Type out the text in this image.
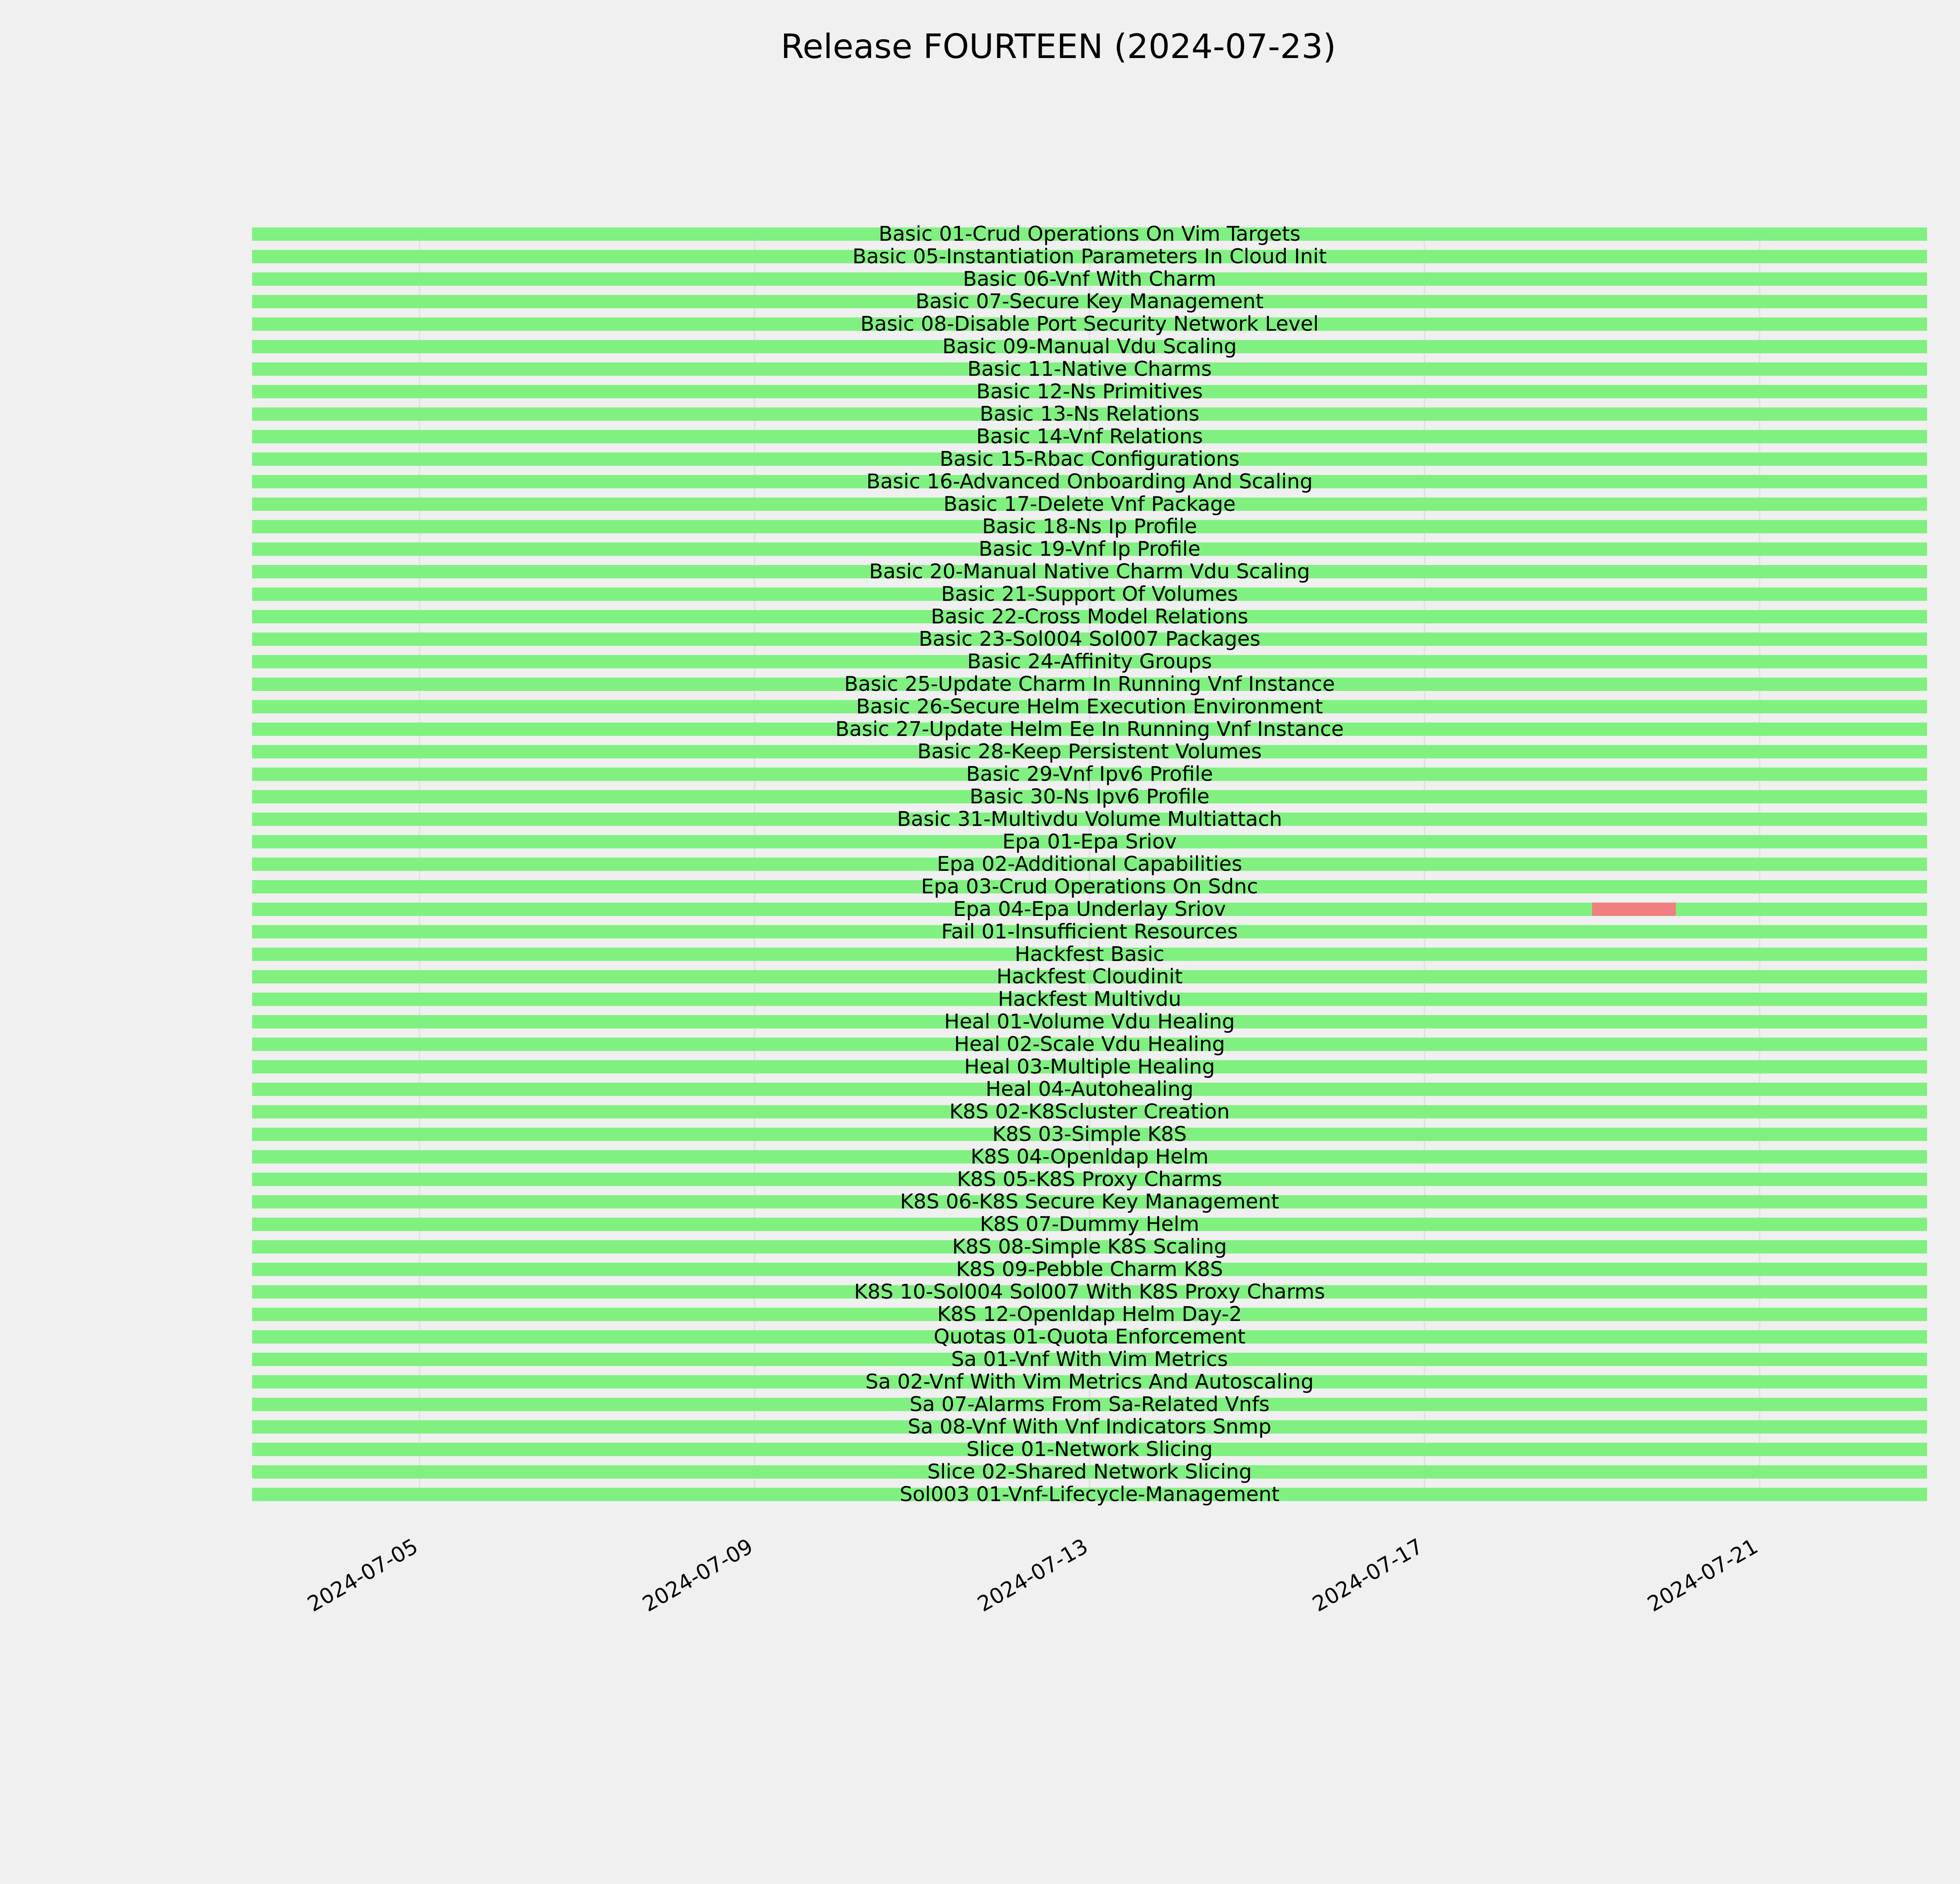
Release FOURTEEN (2024-07-23)
Basic 01-Crud Operations On Vim Targets
Basic 05-Instantiation Parameters In Cloud Init
Basic 06-Vnf With Charm
Basic 07-Secure Key Management
Basic 08-Disable Port Security Network Level
Basic 09-Manual Vdu Scaling
Basic 11-Native Charms
Basic 12-Ns Primitives
Basic 13-Ns Relations
Basic 14-Vnf Relations
Basic 15-Rbac Configurations
Basic 16-Advanced Onboarding And Scaling
Basic 17-Delete Vnf Package
Basic 18-Ns Ip Profile
Basic 19-Vnf Ip Profile
Basic 20-Manual Native Charm Vdu Scaling
Basic 21-Support Of Volumes
Basic 22-Cross Model Relations
Basic 23-Sol004 Sol007 Packages
Basic 24-Affinity Groups
Basic 25-Update Charm In Running Vnf Instance
Basic 26-Secure Helm Execution Environment
Basic 27-Update Helm Ee In Running Vnf Instance
Basic 28-Keep Persistent Volumes
Basic 29-Vnf Ipv6 Profile
Basic 30-Ns Ipv6 Profile
Basic 31-Multivdu Volume Multiattach
Epa 01-Epa Sriov
Epa 02-Additional Capabilities
Epa 03-Crud Operations On Sdnc
Epa 04-Epa Underlay Sriov
Fail 01-Insufficient Resources
Hackfest Basic
Hackfest Cloudinit
Hackfest Multivdu
Heal 01-Volume Vdu Healing
Heal 02-Scale Vdu Healing
Heal 03-Multiple Healing
Heal 04-Autohealing
K8S 02-K8Scluster Creation
K8S 03-Simple K8S
K8S 04-Openldap Helm
K8S 05-K8S Proxy Charms
K8S 06-K8S Secure Key Management
K8S 07-Dummy Helm
K8S 08-Simple K8S Scaling
K8S 09-Pebble Charm K8S
K8S 10-Sol004 Sol007 With K8S Proxy Charms
K8S 12-Openldap Helm Day-2
Quotas 01-Quota Enforcement
Sa 01-Vnf With Vim Metrics
Sa 02-Vnf With Vim Metrics And Autoscaling
Sa 07-Alarms From Sa-Related Vnfs
Sa 08-Vnf With Vnf Indicators Snmp
Slice 01-Network Slicing
Slice 02-Shared Network Slicing
Sol003 01-Vnf-Lifecycle-Management
2024-07-05	2024-07-09	2024-07-13	2024-07-17	2024-07-21
